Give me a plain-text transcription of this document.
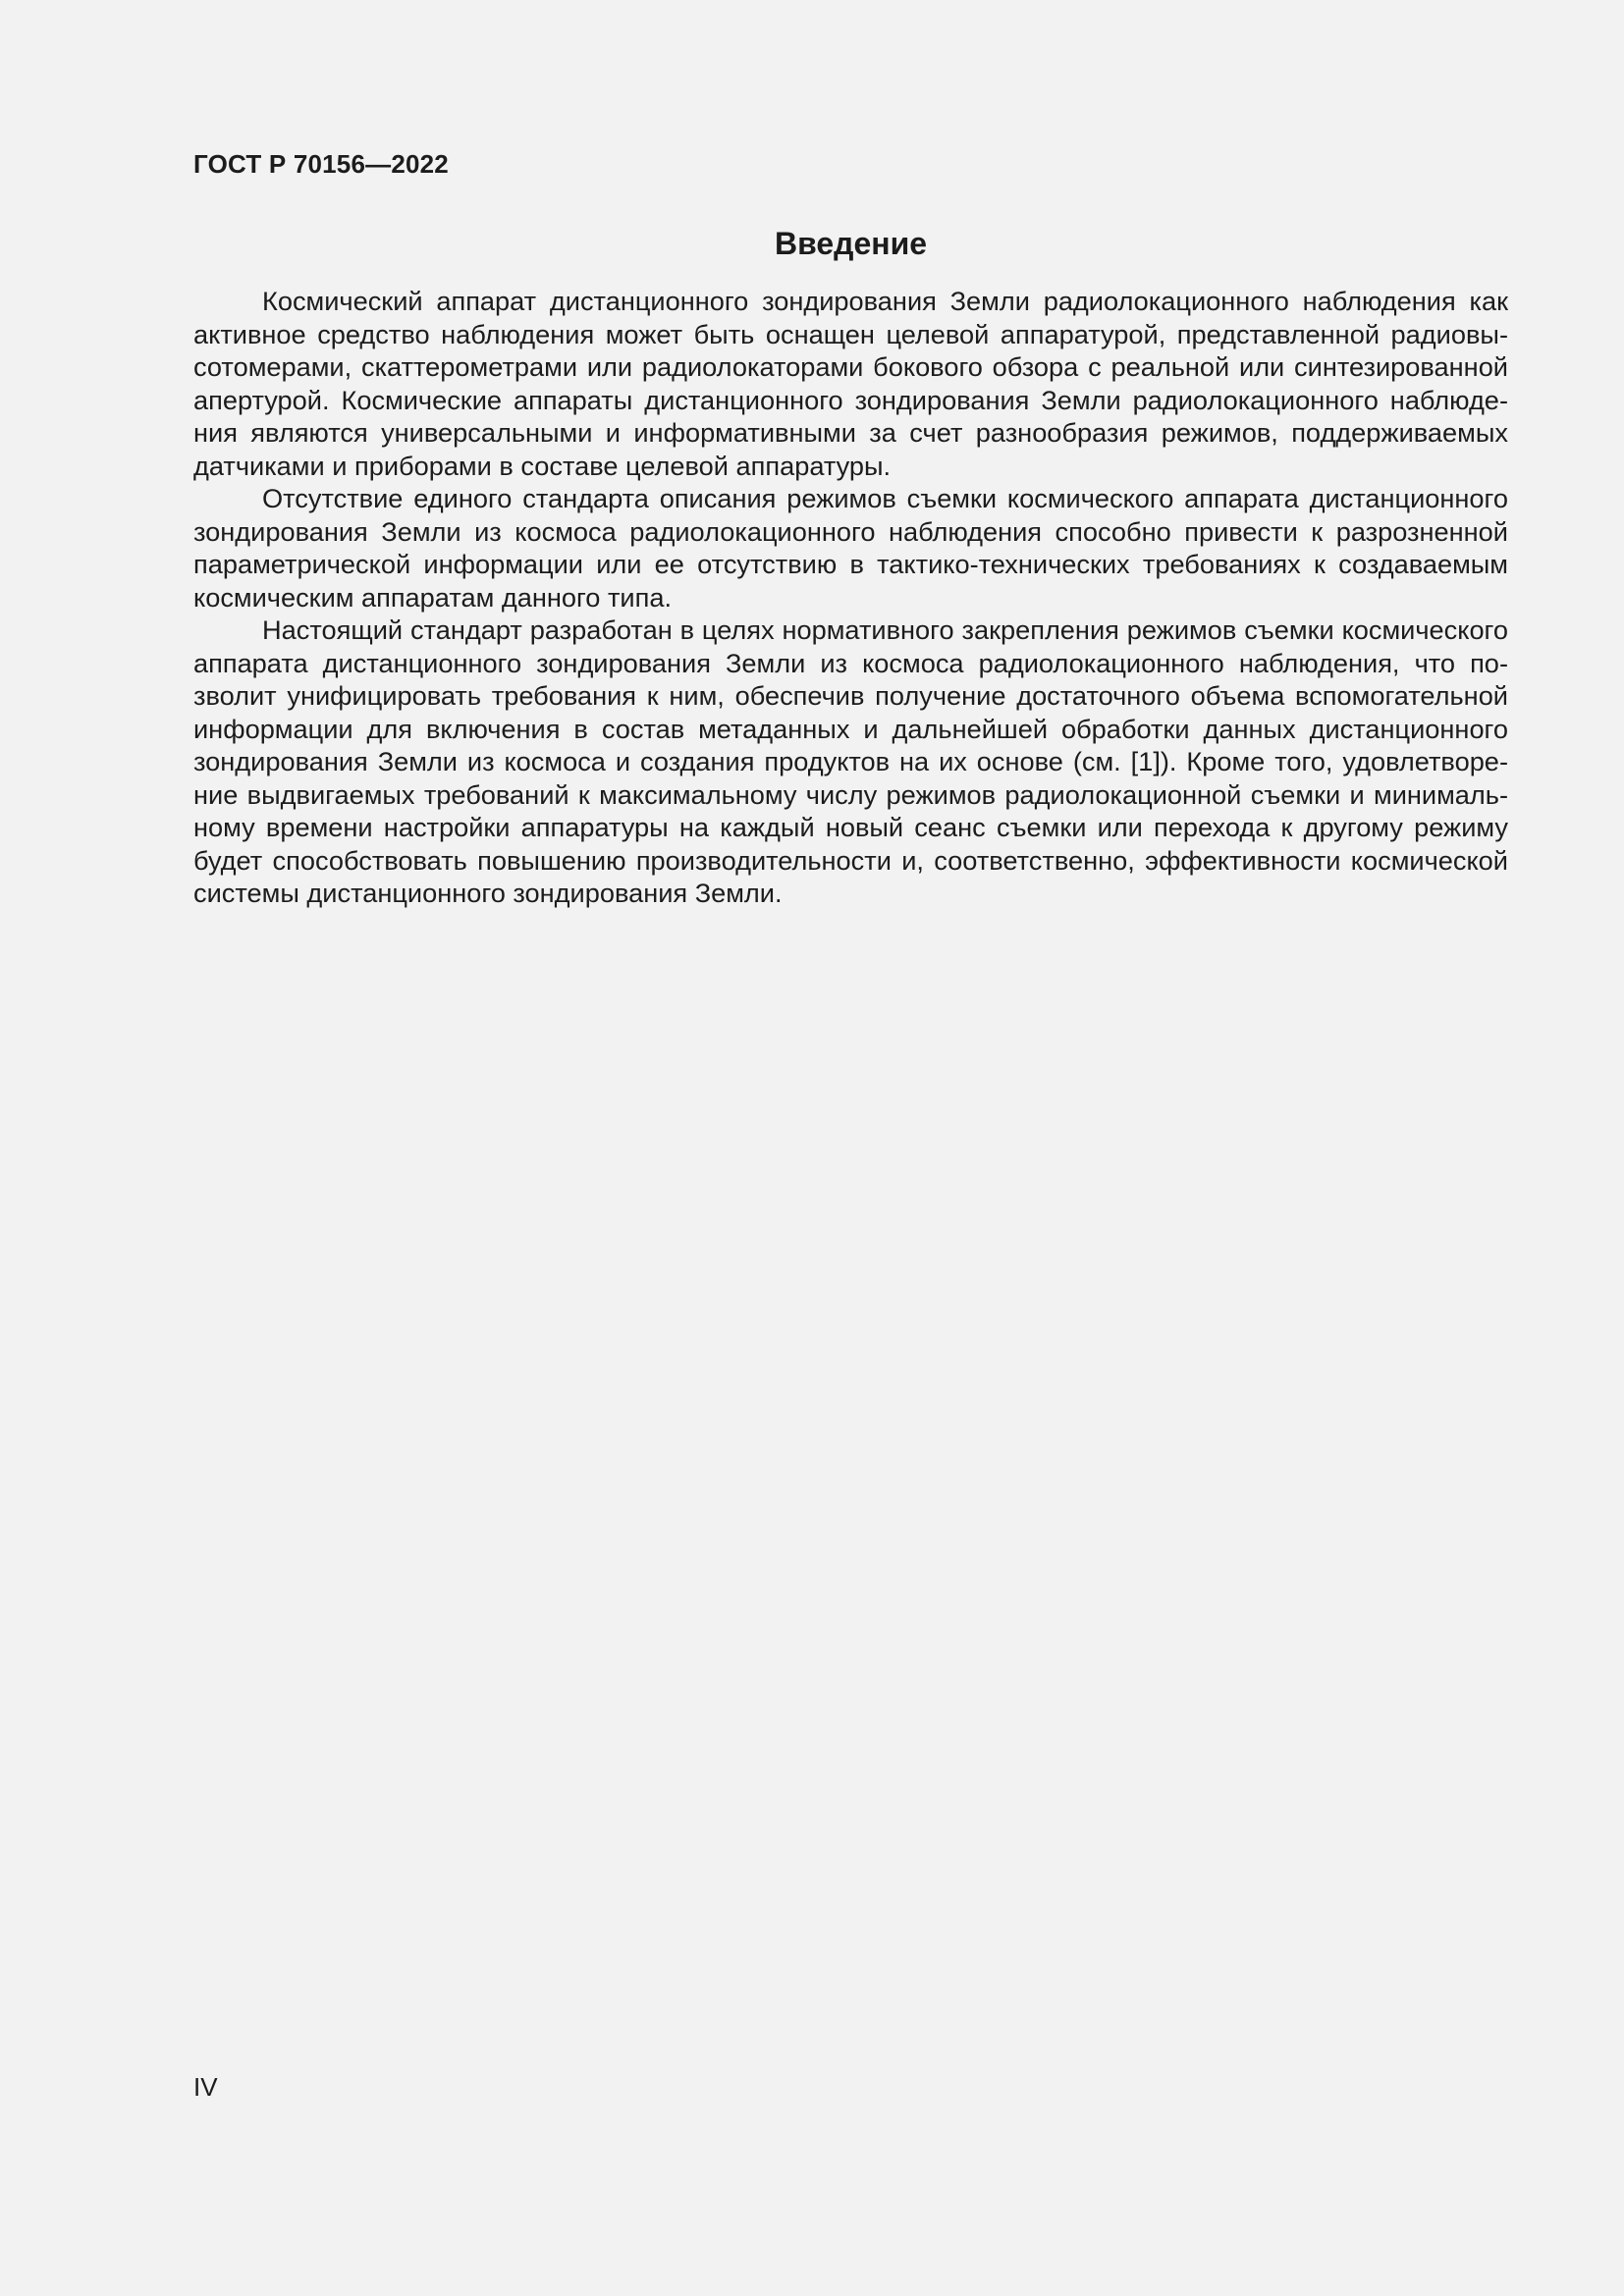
ГОСТ Р 70156—2022
Введение

Космический аппарат дистанционного зондирования Земли радиолокационного наблюдения как активное средство наблюдения может быть оснащен целевой аппаратурой, представленной радиовысотомерами, скаттерометрами или радиолокаторами бокового обзора с реальной или синтезированной апертурой. Космические аппараты дистанционного зондирования Земли радиолокационного наблюдения являются универсальными и информативными за счет разнообразия режимов, поддерживаемых датчиками и приборами в составе целевой аппаратуры.

Отсутствие единого стандарта описания режимов съемки космического аппарата дистанционного зондирования Земли из космоса радиолокационного наблюдения способно привести к разрозненной параметрической информации или ее отсутствию в тактико-технических требованиях к создаваемым космическим аппаратам данного типа.

Настоящий стандарт разработан в целях нормативного закрепления режимов съемки космического аппарата дистанционного зондирования Земли из космоса радиолокационного наблюдения, что позволит унифицировать требования к ним, обеспечив получение достаточного объема вспомогательной информации для включения в состав метаданных и дальнейшей обработки данных дистанционного зондирования Земли из космоса и создания продуктов на их основе (см. [1]). Кроме того, удовлетворение выдвигаемых требований к максимальному числу режимов радиолокационной съемки и минимальному времени настройки аппаратуры на каждый новый сеанс съемки или перехода к другому режиму будет способствовать повышению производительности и, соответственно, эффективности космической системы дистанционного зондирования Земли.

IV
